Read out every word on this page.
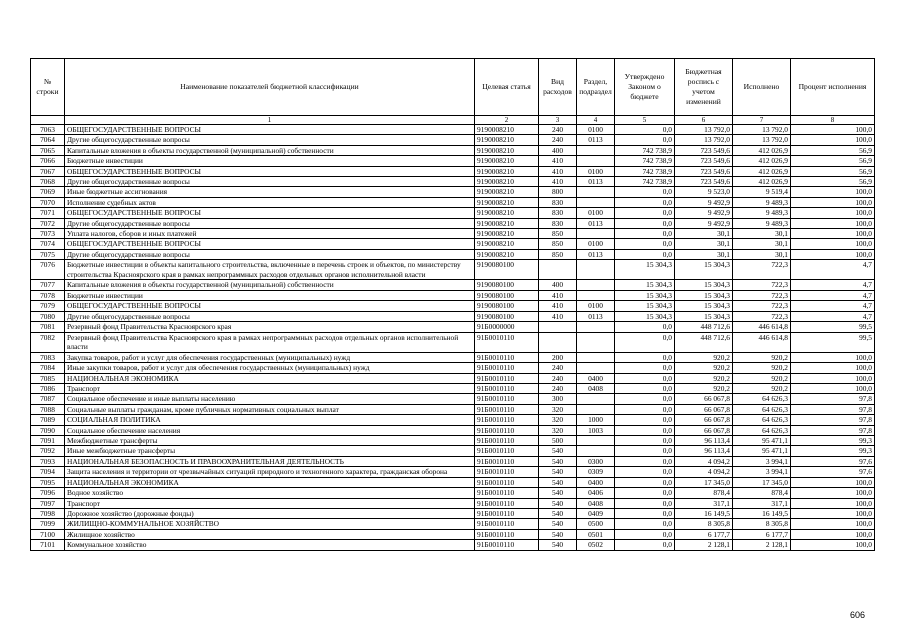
№ строки	Наименование показателей бюджетной классификации	Целевая статья	Вид расходов	Раздел, подраздел	Утверждено Законом о бюджете	Бюджетная роспись с учетом изменений	Исполнено	Процент исполнения
	1	2	3	4	5	6	7	8
7063	ОБЩЕГОСУДАРСТВЕННЫЕ ВОПРОСЫ	9190008210	240	0100	0,0	13 792,0	13 792,0	100,0
7064	Другие общегосударственные вопросы	9190008210	240	0113	0,0	13 792,0	13 792,0	100,0
7065	Капитальные вложения в объекты государственной (муниципальной) собственности	9190008210	400		742 738,9	723 549,6	412 026,9	56,9
7066	Бюджетные инвестиции	9190008210	410		742 738,9	723 549,6	412 026,9	56,9
7067	ОБЩЕГОСУДАРСТВЕННЫЕ ВОПРОСЫ	9190008210	410	0100	742 738,9	723 549,6	412 026,9	56,9
7068	Другие общегосударственные вопросы	9190008210	410	0113	742 738,9	723 549,6	412 026,9	56,9
7069	Иные бюджетные ассигнования	9190008210	800		0,0	9 523,0	9 519,4	100,0
7070	Исполнение судебных актов	9190008210	830		0,0	9 492,9	9 489,3	100,0
7071	ОБЩЕГОСУДАРСТВЕННЫЕ ВОПРОСЫ	9190008210	830	0100	0,0	9 492,9	9 489,3	100,0
7072	Другие общегосударственные вопросы	9190008210	830	0113	0,0	9 492,9	9 489,3	100,0
7073	Уплата налогов, сборов и иных платежей	9190008210	850		0,0	30,1	30,1	100,0
7074	ОБЩЕГОСУДАРСТВЕННЫЕ ВОПРОСЫ	9190008210	850	0100	0,0	30,1	30,1	100,0
7075	Другие общегосударственные вопросы	9190008210	850	0113	0,0	30,1	30,1	100,0
7076	Бюджетные инвестиции в объекты капитального строительства, включенные в перечень строек и объектов, по министерству строительства Красноярского края в рамках непрограммных расходов отдельных органов исполнительной власти	9190080100			15 304,3	15 304,3	722,3	4,7
7077	Капитальные вложения в объекты государственной (муниципальной) собственности	9190080100	400		15 304,3	15 304,3	722,3	4,7
7078	Бюджетные инвестиции	9190080100	410		15 304,3	15 304,3	722,3	4,7
7079	ОБЩЕГОСУДАРСТВЕННЫЕ ВОПРОСЫ	9190080100	410	0100	15 304,3	15 304,3	722,3	4,7
7080	Другие общегосударственные вопросы	9190080100	410	0113	15 304,3	15 304,3	722,3	4,7
7081	Резервный фонд Правительства Красноярского края	91Б0000000			0,0	448 712,6	446 614,8	99,5
7082	Резервный фонд Правительства Красноярского края в рамках непрограммных расходов отдельных органов исполнительной власти	91Б0010110			0,0	448 712,6	446 614,8	99,5
7083	Закупка товаров, работ и услуг для обеспечения государственных (муниципальных) нужд	91Б0010110	200		0,0	920,2	920,2	100,0
7084	Иные закупки товаров, работ и услуг для обеспечения государственных (муниципальных) нужд	91Б0010110	240		0,0	920,2	920,2	100,0
7085	НАЦИОНАЛЬНАЯ ЭКОНОМИКА	91Б0010110	240	0400	0,0	920,2	920,2	100,0
7086	Транспорт	91Б0010110	240	0408	0,0	920,2	920,2	100,0
7087	Социальное обеспечение и иные выплаты населению	91Б0010110	300		0,0	66 067,8	64 626,3	97,8
7088	Социальные выплаты гражданам, кроме публичных нормативных социальных выплат	91Б0010110	320		0,0	66 067,8	64 626,3	97,8
7089	СОЦИАЛЬНАЯ ПОЛИТИКА	91Б0010110	320	1000	0,0	66 067,8	64 626,3	97,8
7090	Социальное обеспечение населения	91Б0010110	320	1003	0,0	66 067,8	64 626,3	97,8
7091	Межбюджетные трансферты	91Б0010110	500		0,0	96 113,4	95 471,1	99,3
7092	Иные межбюджетные трансферты	91Б0010110	540		0,0	96 113,4	95 471,1	99,3
7093	НАЦИОНАЛЬНАЯ БЕЗОПАСНОСТЬ И ПРАВООХРАНИТЕЛЬНАЯ ДЕЯТЕЛЬНОСТЬ	91Б0010110	540	0300	0,0	4 094,2	3 994,1	97,6
7094	Защита населения и территории от чрезвычайных ситуаций природного и техногенного характера, гражданская оборона	91Б0010110	540	0309	0,0	4 094,2	3 994,1	97,6
7095	НАЦИОНАЛЬНАЯ ЭКОНОМИКА	91Б0010110	540	0400	0,0	17 345,0	17 345,0	100,0
7096	Водное хозяйство	91Б0010110	540	0406	0,0	878,4	878,4	100,0
7097	Транспорт	91Б0010110	540	0408	0,0	317,1	317,1	100,0
7098	Дорожное хозяйство (дорожные фонды)	91Б0010110	540	0409	0,0	16 149,5	16 149,5	100,0
7099	ЖИЛИЩНО-КОММУНАЛЬНОЕ ХОЗЯЙСТВО	91Б0010110	540	0500	0,0	8 305,8	8 305,8	100,0
7100	Жилищное хозяйство	91Б0010110	540	0501	0,0	6 177,7	6 177,7	100,0
7101	Коммунальное хозяйство	91Б0010110	540	0502	0,0	2 128,1	2 128,1	100,0
606
